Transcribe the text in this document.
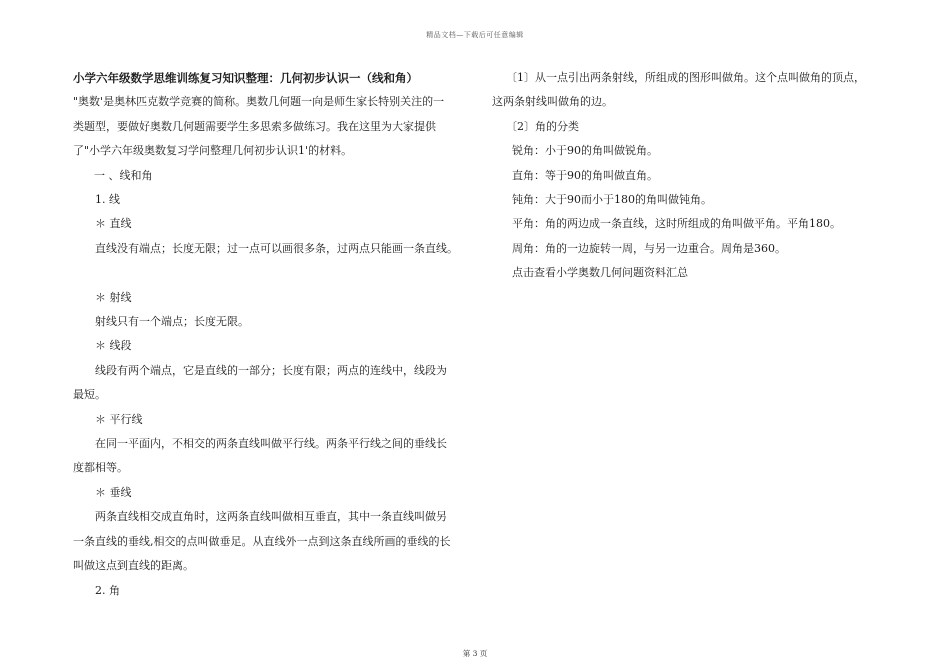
精品文档—下载后可任意编辑

小学六年级数学思维训练复习知识整理：几何初步认识一（线和角）

"奥数'是奥林匹克数学竞赛的简称。奥数几何题一向是师生家长特别关注的一

类题型，要做好奥数几何题需要学生多思索多做练习。我在这里为大家提供

了"小学六年级奥数复习学问整理几何初步认识1'的材料。

一 、线和角

1. 线

＊ 直线

直线没有端点；长度无限；过一点可以画很多条，过两点只能画一条直线。

＊ 射线

射线只有一个端点；长度无限。

＊ 线段

线段有两个端点，它是直线的一部分；长度有限；两点的连线中，线段为

最短。

＊ 平行线

在同一平面内，不相交的两条直线叫做平行线。两条平行线之间的垂线长

度都相等。

＊ 垂线

两条直线相交成直角时，这两条直线叫做相互垂直，其中一条直线叫做另

一条直线的垂线,相交的点叫做垂足。从直线外一点到这条直线所画的垂线的长

叫做这点到直线的距离。

2. 角

〔1〕从一点引出两条射线，所组成的图形叫做角。这个点叫做角的顶点，

这两条射线叫做角的边。

〔2〕角的分类

锐角：小于90的角叫做锐角。

直角：等于90的角叫做直角。

钝角：大于90而小于180的角叫做钝角。

平角：角的两边成一条直线，这时所组成的角叫做平角。平角180。

周角：角的一边旋转一周，与另一边重合。周角是360。

点击查看小学奥数几何问题资料汇总

第 3 页
